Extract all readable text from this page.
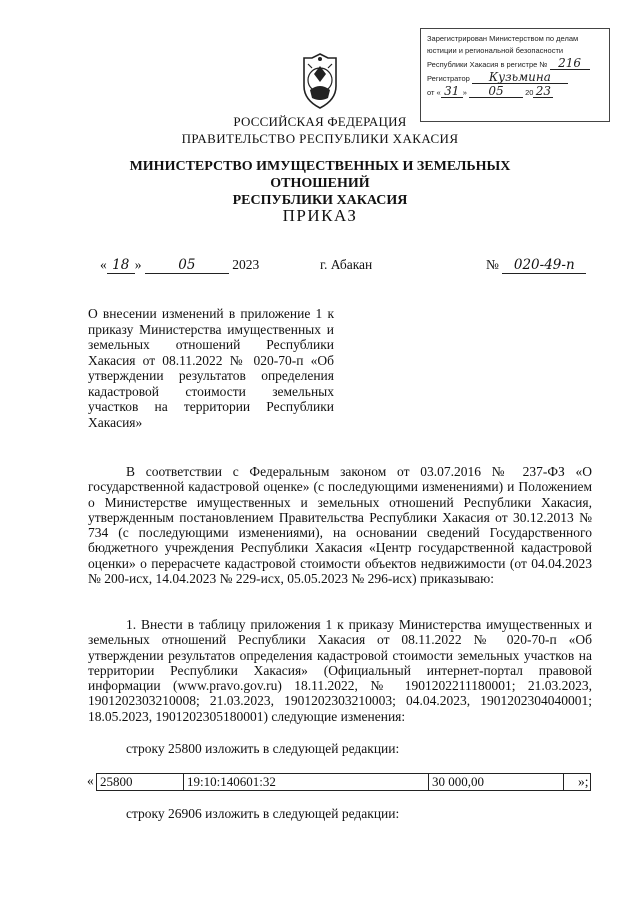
Зарегистрирован Министерством по делам
юстиции и региональной безопасности
Республики Хакасия в регистре № 216
Регистратор Кузьмина
от « 31 » 05	20 23
РОССИЙСКАЯ ФЕДЕРАЦИЯ
ПРАВИТЕЛЬСТВО РЕСПУБЛИКИ ХАКАСИЯ
МИНИСТЕРСТВО ИМУЩЕСТВЕННЫХ И ЗЕМЕЛЬНЫХ ОТНОШЕНИЙ
РЕСПУБЛИКИ ХАКАСИЯ
ПРИКАЗ
« 18 »	05	2023	г. Абакан	№ 020-49-п
О внесении изменений в приложение 1 к приказу Министерства имущественных и земельных отношений Республики Хакасия от 08.11.2022 № 020-70-п «Об утверждении результатов определения кадастровой стоимости земельных участков на территории Республики Хакасия»
В соответствии с Федеральным законом от 03.07.2016 № 237-ФЗ «О государственной кадастровой оценке» (с последующими изменениями) и Положением о Министерстве имущественных и земельных отношений Республики Хакасия, утвержденным постановлением Правительства Республики Хакасия от 30.12.2013 № 734 (с последующими изменениями), на основании сведений Государственного бюджетного учреждения Республики Хакасия «Центр государственной кадастровой оценки» о перерасчете кадастровой стоимости объектов недвижимости (от 04.04.2023 № 200-исх, 14.04.2023 № 229-исх, 05.05.2023 № 296-исх) приказываю:
1. Внести в таблицу приложения 1 к приказу Министерства имущественных и земельных отношений Республики Хакасия от 08.11.2022 № 020-70-п «Об утверждении результатов определения кадастровой стоимости земельных участков на территории Республики Хакасия» (Официальный интернет-портал правовой информации (www.pravo.gov.ru) 18.11.2022, № 1901202211180001; 21.03.2023, 1901202303210008; 21.03.2023, 1901202303210003; 04.04.2023, 1901202304040001; 18.05.2023, 1901202305180001) следующие изменения:
строку 25800 изложить в следующей редакции:
« 25800	19:10:140601:32	30 000,00		»;
строку 26906 изложить в следующей редакции:
